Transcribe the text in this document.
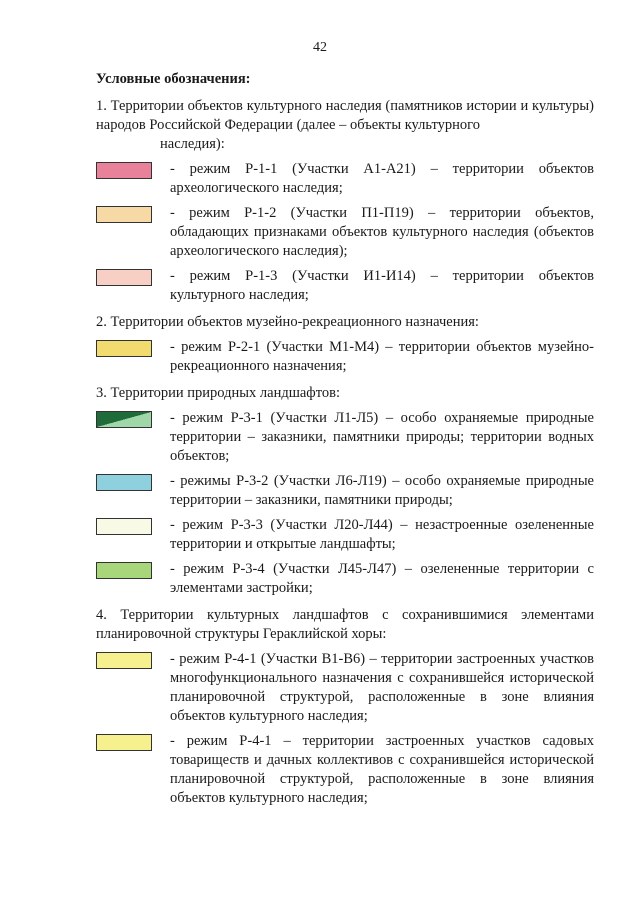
42
Условные обозначения:
1. Территории объектов культурного наследия (памятников истории и культуры) народов Российской Федерации (далее – объекты культурного
наследия):
- режим Р-1-1 (Участки А1-А21) – территории объектов археологического наследия;
- режим Р-1-2 (Участки П1-П19) – территории объектов, обладающих признаками объектов культурного наследия (объектов археологического наследия);
- режим Р-1-3 (Участки И1-И14) – территории объектов культурного наследия;
2. Территории объектов музейно-рекреационного назначения:
- режим Р-2-1 (Участки М1-М4) – территории объектов музейно-рекреационного назначения;
3. Территории природных ландшафтов:
- режим Р-3-1 (Участки Л1-Л5) – особо охраняемые природные территории – заказники, памятники природы; территории водных объектов;
- режимы Р-3-2 (Участки Л6-Л19) – особо охраняемые природные территории – заказники, памятники природы;
- режим Р-3-3 (Участки Л20-Л44) – незастроенные озелененные территории и открытые ландшафты;
- режим Р-3-4 (Участки Л45-Л47) – озелененные территории с элементами застройки;
4. Территории культурных ландшафтов с сохранившимися элементами планировочной структуры Гераклийской хоры:
- режим Р-4-1 (Участки В1-В6) – территории застроенных участков многофункционального назначения с сохранившейся исторической планировочной структурой, расположенные в зоне влияния объектов культурного наследия;
- режим Р-4-1 – территории застроенных участков садовых товариществ и дачных коллективов с сохранившейся исторической планировочной структурой, расположенные в зоне влияния объектов культурного наследия;
